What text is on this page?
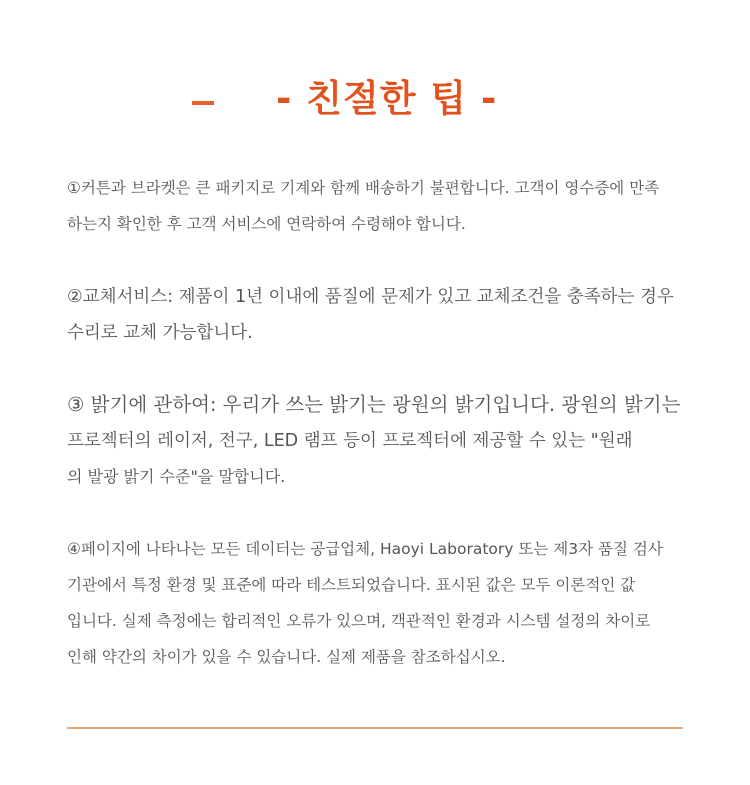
- 친절한 팁 -
①커튼과 브라켓은 큰 패키지로 기계와 함께 배송하기 불편합니다. 고객이 영수증에 만족
하는지 확인한 후 고객 서비스에 연락하여 수령해야 합니다.
②교체서비스: 제품이 1년 이내에 품질에 문제가 있고 교체조건을 충족하는 경우
수리로 교체 가능합니다.
③ 밝기에 관하여: 우리가 쓰는 밝기는 광원의 밝기입니다. 광원의 밝기는
프로젝터의 레이저, 전구, LED 램프 등이 프로젝터에 제공할 수 있는 "원래
의 발광 밝기 수준"을 말합니다.
④페이지에 나타나는 모든 데이터는 공급업체, Haoyi Laboratory 또는 제3자 품질 검사
기관에서 특정 환경 및 표준에 따라 테스트되었습니다. 표시된 값은 모두 이론적인 값
입니다. 실제 측정에는 합리적인 오류가 있으며, 객관적인 환경과 시스템 설정의 차이로
인해 약간의 차이가 있을 수 있습니다. 실제 제품을 참조하십시오.
